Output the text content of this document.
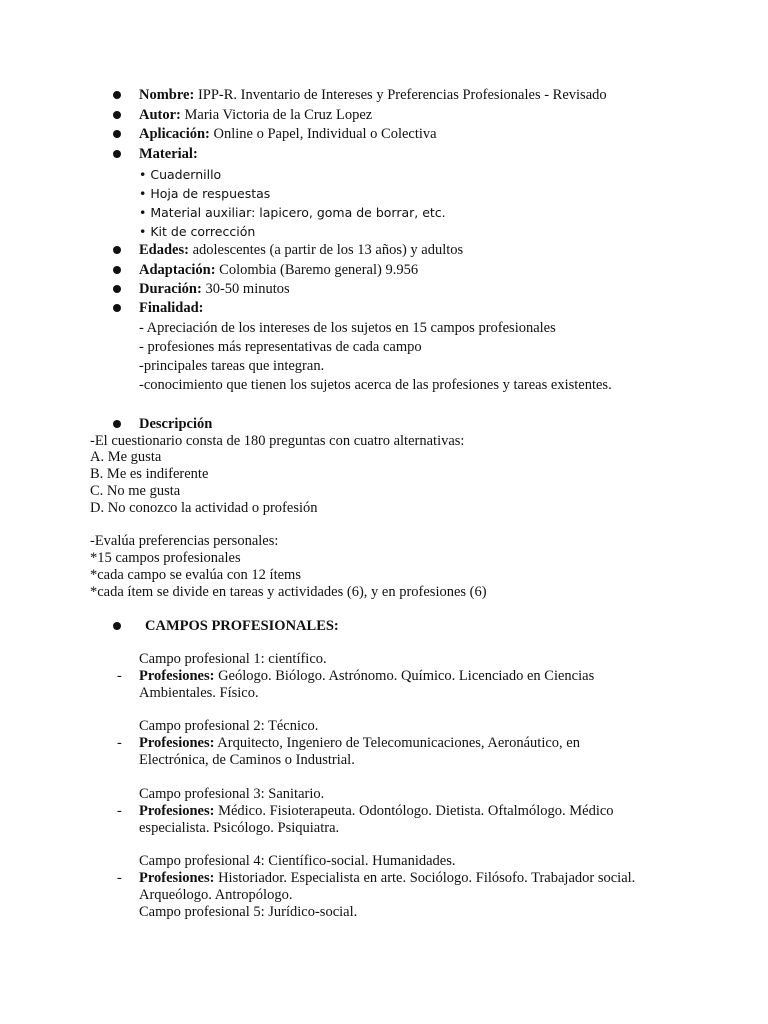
Nombre: IPP-R. Inventario de Intereses y Preferencias Profesionales - Revisado
Autor: Maria Victoria de la Cruz Lopez
Aplicación: Online o Papel, Individual o Colectiva
Material:
• Cuadernillo
• Hoja de respuestas
• Material auxiliar: lapicero, goma de borrar, etc.
• Kit de corrección
Edades: adolescentes (a partir de los 13 años) y adultos
Adaptación: Colombia (Baremo general) 9.956
Duración: 30-50 minutos
Finalidad:
- Apreciación de los intereses de los sujetos en 15 campos profesionales
- profesiones más representativas de cada campo
-principales tareas que integran.
-conocimiento que tienen los sujetos acerca de las profesiones y tareas existentes.
Descripción
-El cuestionario consta de 180 preguntas con cuatro alternativas:
A. Me gusta
B. Me es indiferente
C. No me gusta
D. No conozco la actividad o profesión
-Evalúa preferencias personales:
*15 campos profesionales
*cada campo se evalúa con 12 ítems
*cada ítem se divide en tareas y actividades (6), y en profesiones (6)
CAMPOS PROFESIONALES:
Campo profesional 1: científico.
- Profesiones: Geólogo. Biólogo. Astrónomo. Químico. Licenciado en Ciencias
Ambientales. Físico.
Campo profesional 2: Técnico.
- Profesiones: Arquitecto, Ingeniero de Telecomunicaciones, Aeronáutico, en
Electrónica, de Caminos o Industrial.
Campo profesional 3: Sanitario.
- Profesiones: Médico. Fisioterapeuta. Odontólogo. Dietista. Oftalmólogo. Médico
especialista. Psicólogo. Psiquiatra.
Campo profesional 4: Científico-social. Humanidades.
- Profesiones: Historiador. Especialista en arte. Sociólogo. Filósofo. Trabajador social.
Arqueólogo. Antropólogo.
Campo profesional 5: Jurídico-social.
